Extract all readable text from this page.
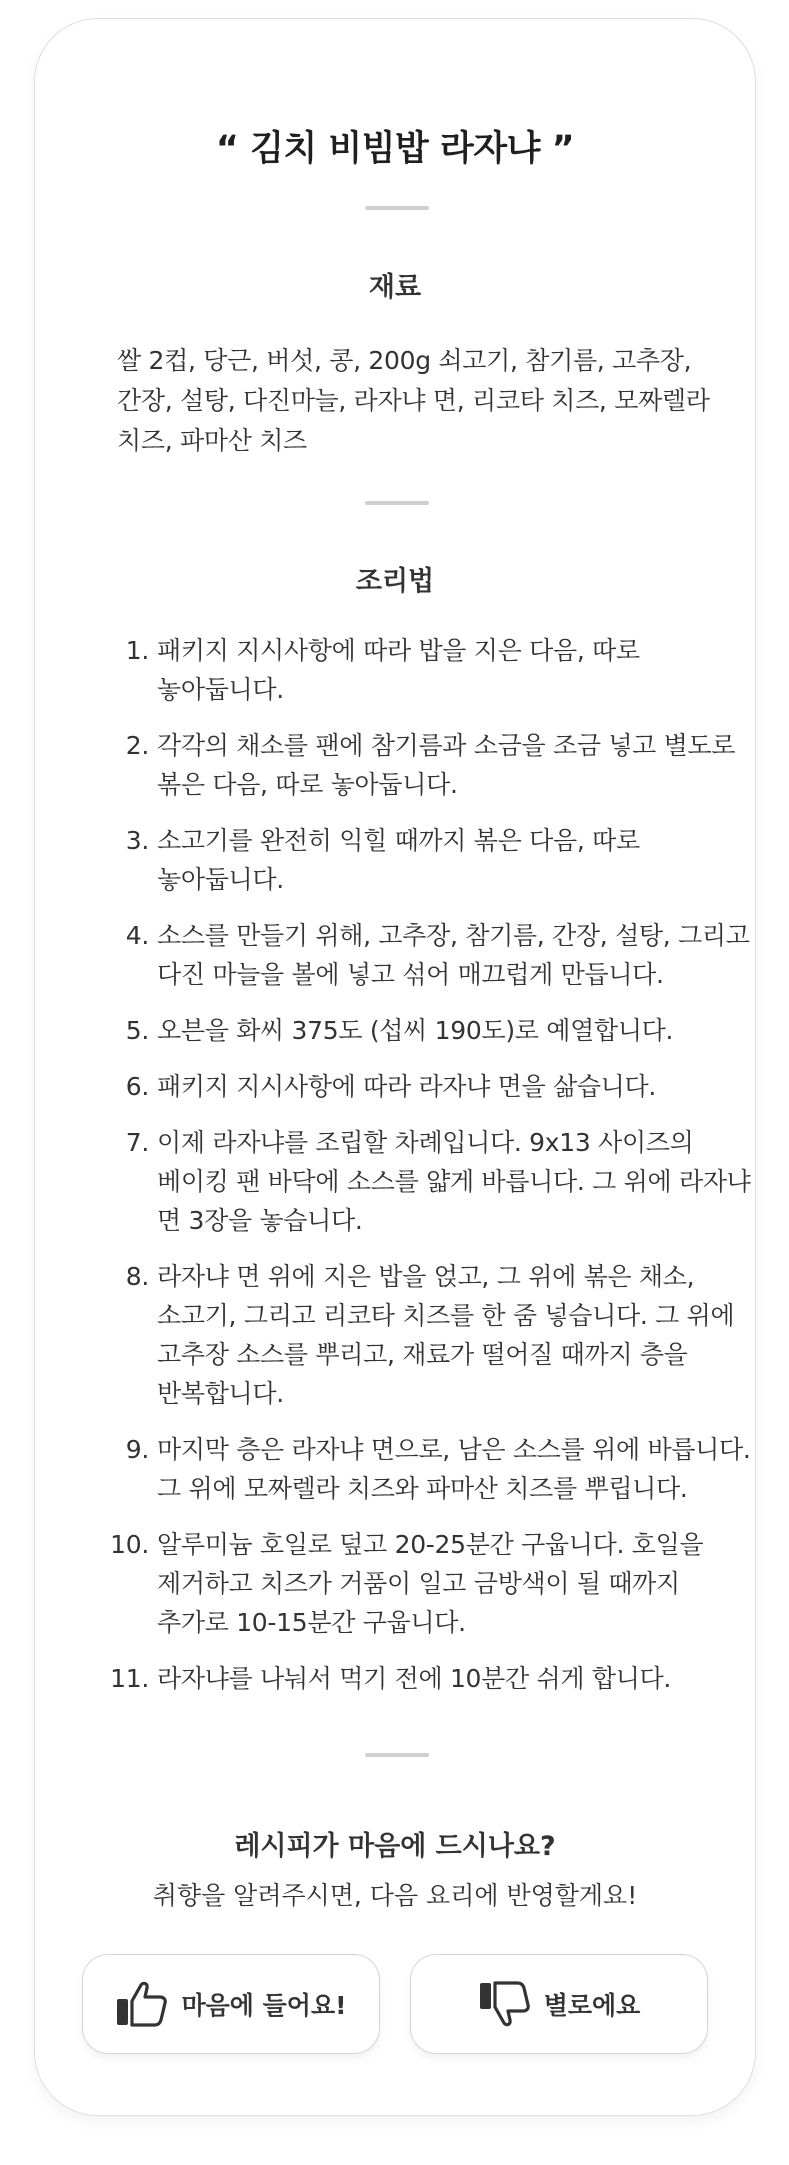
“ 김치 비빔밥 라자냐 ”
재료
쌀 2컵, 당근, 버섯, 콩, 200g 쇠고기, 참기름, 고추장, 간장, 설탕, 다진마늘, 라자냐 면, 리코타 치즈, 모짜렐라 치즈, 파마산 치즈
조리법
1. 패키지 지시사항에 따라 밥을 지은 다음, 따로 놓아둡니다.
2. 각각의 채소를 팬에 참기름과 소금을 조금 넣고 별도로 볶은 다음, 따로 놓아둡니다.
3. 소고기를 완전히 익힐 때까지 볶은 다음, 따로 놓아둡니다.
4. 소스를 만들기 위해, 고추장, 참기름, 간장, 설탕, 그리고 다진 마늘을 볼에 넣고 섞어 매끄럽게 만듭니다.
5. 오븐을 화씨 375도 (섭씨 190도)로 예열합니다.
6. 패키지 지시사항에 따라 라자냐 면을 삶습니다.
7. 이제 라자냐를 조립할 차례입니다. 9x13 사이즈의 베이킹 팬 바닥에 소스를 얇게 바릅니다. 그 위에 라자냐 면 3장을 놓습니다.
8. 라자냐 면 위에 지은 밥을 얹고, 그 위에 볶은 채소, 소고기, 그리고 리코타 치즈를 한 줌 넣습니다. 그 위에 고추장 소스를 뿌리고, 재료가 떨어질 때까지 층을 반복합니다.
9. 마지막 층은 라자냐 면으로, 남은 소스를 위에 바릅니다. 그 위에 모짜렐라 치즈와 파마산 치즈를 뿌립니다.
10. 알루미늄 호일로 덮고 20-25분간 구웁니다. 호일을 제거하고 치즈가 거품이 일고 금방색이 될 때까지 추가로 10-15분간 구웁니다.
11. 라자냐를 나눠서 먹기 전에 10분간 쉬게 합니다.
레시피가 마음에 드시나요?
취향을 알려주시면, 다음 요리에 반영할게요!
마음에 들어요!	별로에요
